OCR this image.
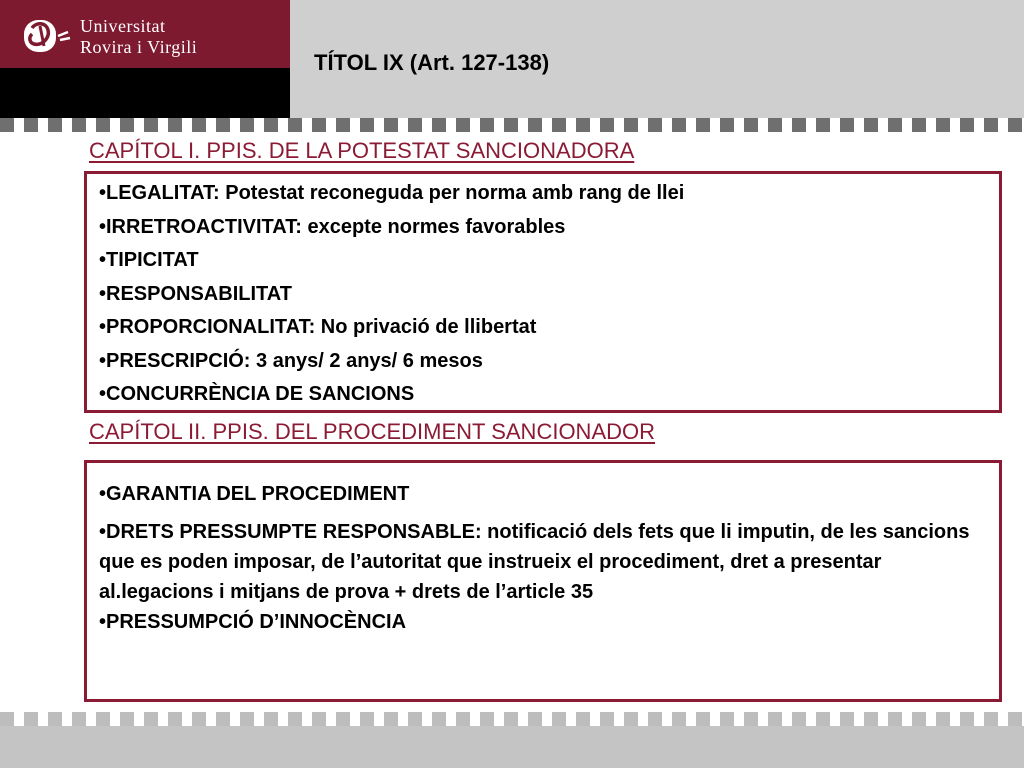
Universitat
Rovira i Virgili
TÍTOL IX (Art. 127-138)
CAPÍTOL I. PPIS. DE LA POTESTAT SANCIONADORA
•LEGALITAT: Potestat reconeguda per norma amb rang de llei
•IRRETROACTIVITAT: excepte normes favorables
•TIPICITAT
•RESPONSABILITAT
•PROPORCIONALITAT: No privació de llibertat
•PRESCRIPCIÓ: 3 anys/ 2 anys/ 6 mesos
•CONCURRÈNCIA DE SANCIONS
CAPÍTOL II. PPIS. DEL PROCEDIMENT SANCIONADOR
•GARANTIA DEL PROCEDIMENT
•DRETS PRESSUMPTE RESPONSABLE: notificació dels fets que li imputin, de les sancions que es poden imposar, de l’autoritat que instrueix el procediment, dret a presentar al.legacions i mitjans de prova + drets de l’article 35
•PRESSUMPCIÓ D’INNOCÈNCIA
